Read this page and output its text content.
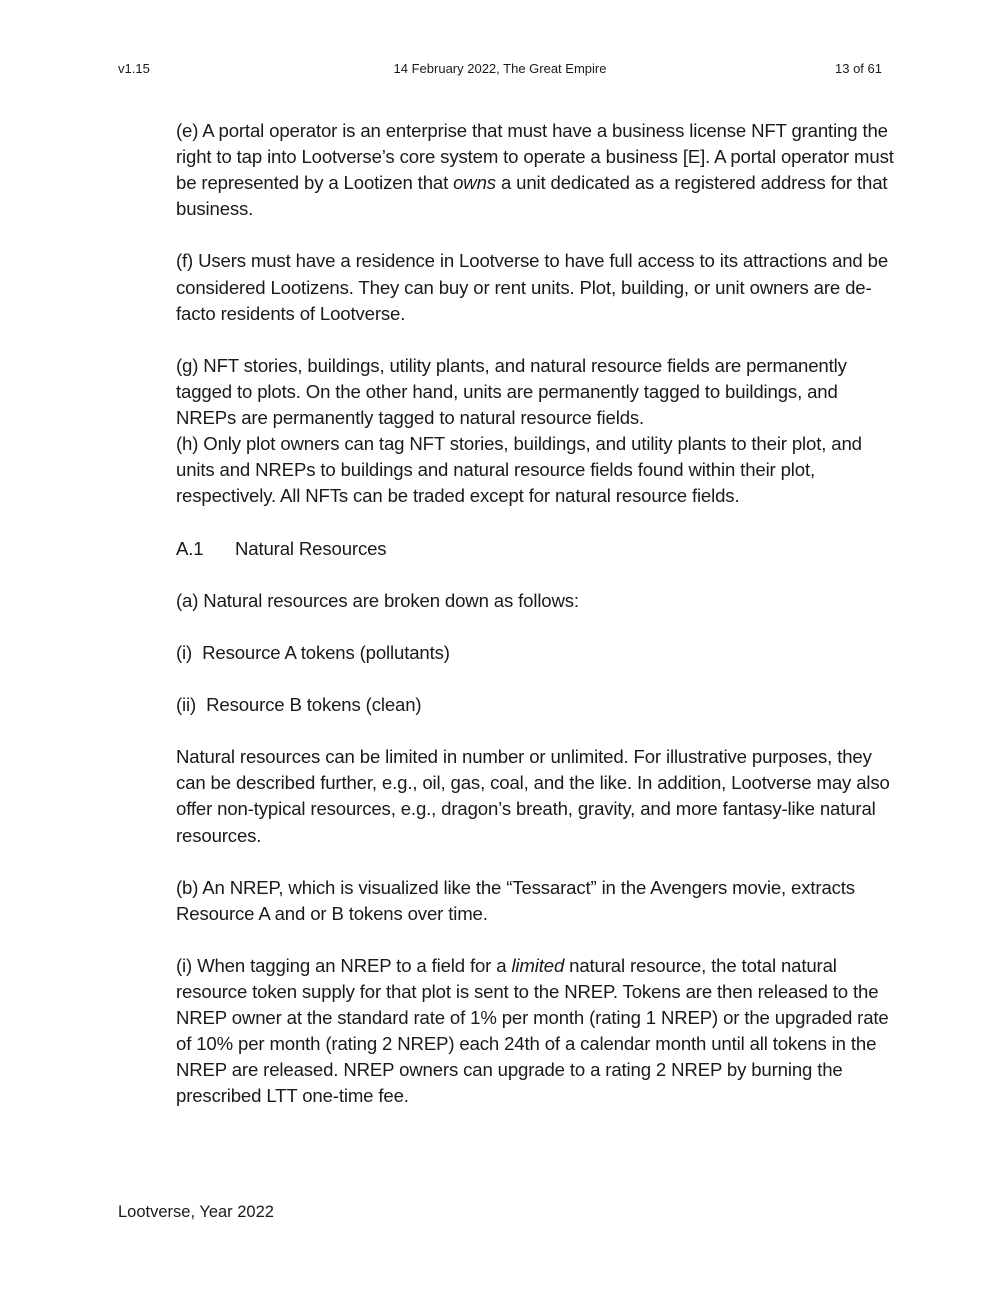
v1.15	14 February 2022, The Great Empire	13 of 61

(e) A portal operator is an enterprise that must have a business license NFT granting the right to tap into Lootverse’s core system to operate a business [E]. A portal operator must be represented by a Lootizen that owns a unit dedicated as a registered address for that business.

(f) Users must have a residence in Lootverse to have full access to its attractions and be considered Lootizens. They can buy or rent units. Plot, building, or unit owners are de-facto residents of Lootverse.

(g) NFT stories, buildings, utility plants, and natural resource fields are permanently tagged to plots. On the other hand, units are permanently tagged to buildings, and NREPs are permanently tagged to natural resource fields.

(h) Only plot owners can tag NFT stories, buildings, and utility plants to their plot, and units and NREPs to buildings and natural resource fields found within their plot, respectively. All NFTs can be traded except for natural resource fields.

A.1 Natural Resources

(a) Natural resources are broken down as follows:

(i) Resource A tokens (pollutants)

(ii) Resource B tokens (clean)

Natural resources can be limited in number or unlimited. For illustrative purposes, they can be described further, e.g., oil, gas, coal, and the like. In addition, Lootverse may also offer non-typical resources, e.g., dragon’s breath, gravity, and more fantasy-like natural resources.

(b) An NREP, which is visualized like the “Tessaract” in the Avengers movie, extracts Resource A and or B tokens over time.

(i) When tagging an NREP to a field for a limited natural resource, the total natural resource token supply for that plot is sent to the NREP. Tokens are then released to the NREP owner at the standard rate of 1% per month (rating 1 NREP) or the upgraded rate of 10% per month (rating 2 NREP) each 24th of a calendar month until all tokens in the NREP are released. NREP owners can upgrade to a rating 2 NREP by burning the prescribed LTT one-time fee.

Lootverse, Year 2022
